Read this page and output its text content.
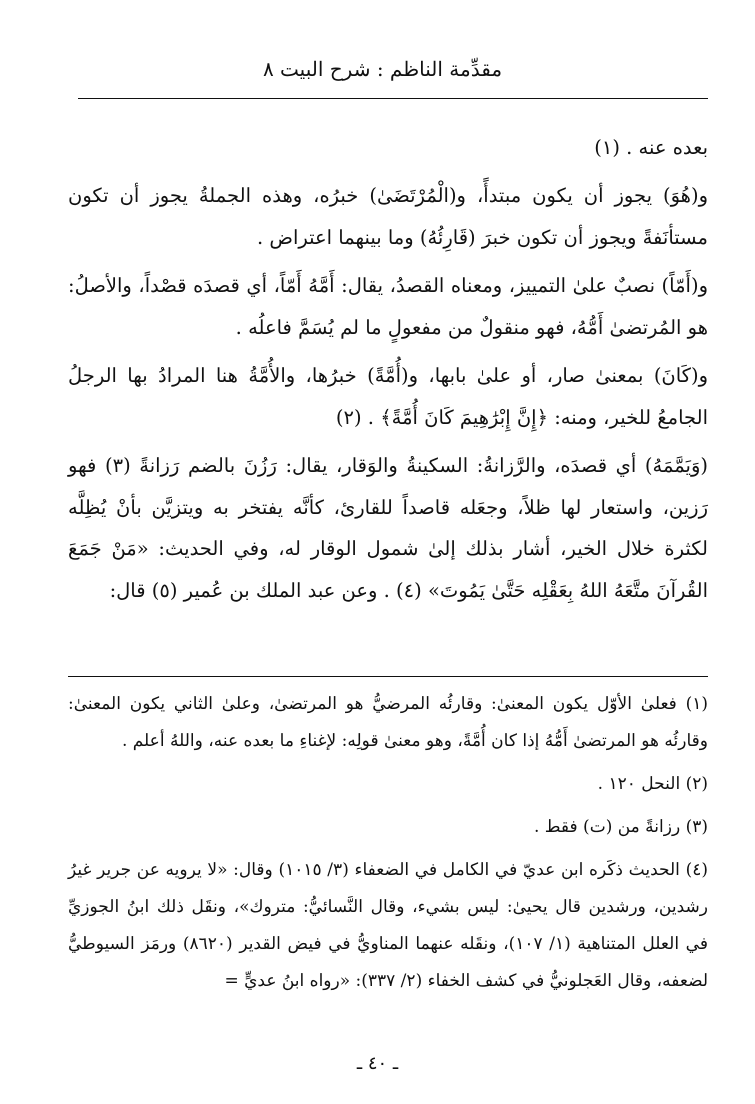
مقدِّمة الناظم : شرح البيت ٨

بعده عنه . (١)

و(هُوَ) يجوز أن يكون مبتدأً، و(الْمُرْتَضَىٰ) خبرُه، وهذه الجملةُ يجوز أن تكون مستأنَفةً ويجوز أن تكون خبرَ (قَارِئُهُ) وما بينهما اعتراض .

و(أَمّاً) نصبٌ علىٰ التمييز، ومعناه القصدُ، يقال: أَمَّهُ أَمّاً، أي قصدَه قصْداً، والأصلُ: هو المُرتضىٰ أَمُّهُ، فهو منقولٌ من مفعولٍ ما لم يُسَمَّ فاعلُه .

و(كَانَ) بمعنىٰ صار، أو علىٰ بابها، و(أُمَّةً) خبرُها، والأُمَّةُ هنا المرادُ بها الرجلُ الجامعُ للخير، ومنه: ﴿إِنَّ إِبْرَٰهِيمَ كَانَ أُمَّةً﴾ . (٢)

(وَيَمَّمَهُ) أي قصدَه، والرَّزانةُ: السكينةُ والوَقار، يقال: رَزُنَ بالضم رَزانةً (٣) فهو رَزين، واستعار لها ظلاً، وجعَله قاصداً للقارئ، كأنَّه يفتخر به ويتزيَّن بأنْ يُظِلَّه لكثرة خلال الخير، أشار بذلك إلىٰ شمول الوقار له، وفي الحديث: «مَنْ جَمَعَ القُرآنَ متَّعَهُ اللهُ بِعَقْلِه حَتَّىٰ يَمُوتَ» (٤) . وعن عبد الملك بن عُمير (٥) قال:

(١) فعلىٰ الأوّل يكون المعنىٰ: وقارئُه المرضيُّ هو المرتضىٰ، وعلىٰ الثاني يكون المعنىٰ: وقارئُه هو المرتضىٰ أَمُّهُ إذا كان أُمَّةً، وهو معنىٰ قولِه: لإغناءِ ما بعده عنه، واللهُ أعلم .

(٢) النحل ١٢٠ .

(٣) رزانةً من (ت) فقط .

(٤) الحديث ذكَره ابن عديّ في الكامل في الضعفاء (٣/ ١٠١٥) وقال: «لا يرويه عن جرير غيرُ رشدين، ورشدين قال يحيىٰ: ليس بشيء، وقال النَّسائيُّ: متروك»، ونقَل ذلك ابنُ الجوزيِّ في العلل المتناهية (١/ ١٠٧)، ونقَله عنهما المناويُّ في فيض القدير (٨٦٢٠) ورمَز السيوطيُّ لضعفه، وقال العَجلونيُّ في كشف الخفاء (٢/ ٣٣٧): «رواه ابنُ عديٍّ =

ـ ٤٠ ـ
